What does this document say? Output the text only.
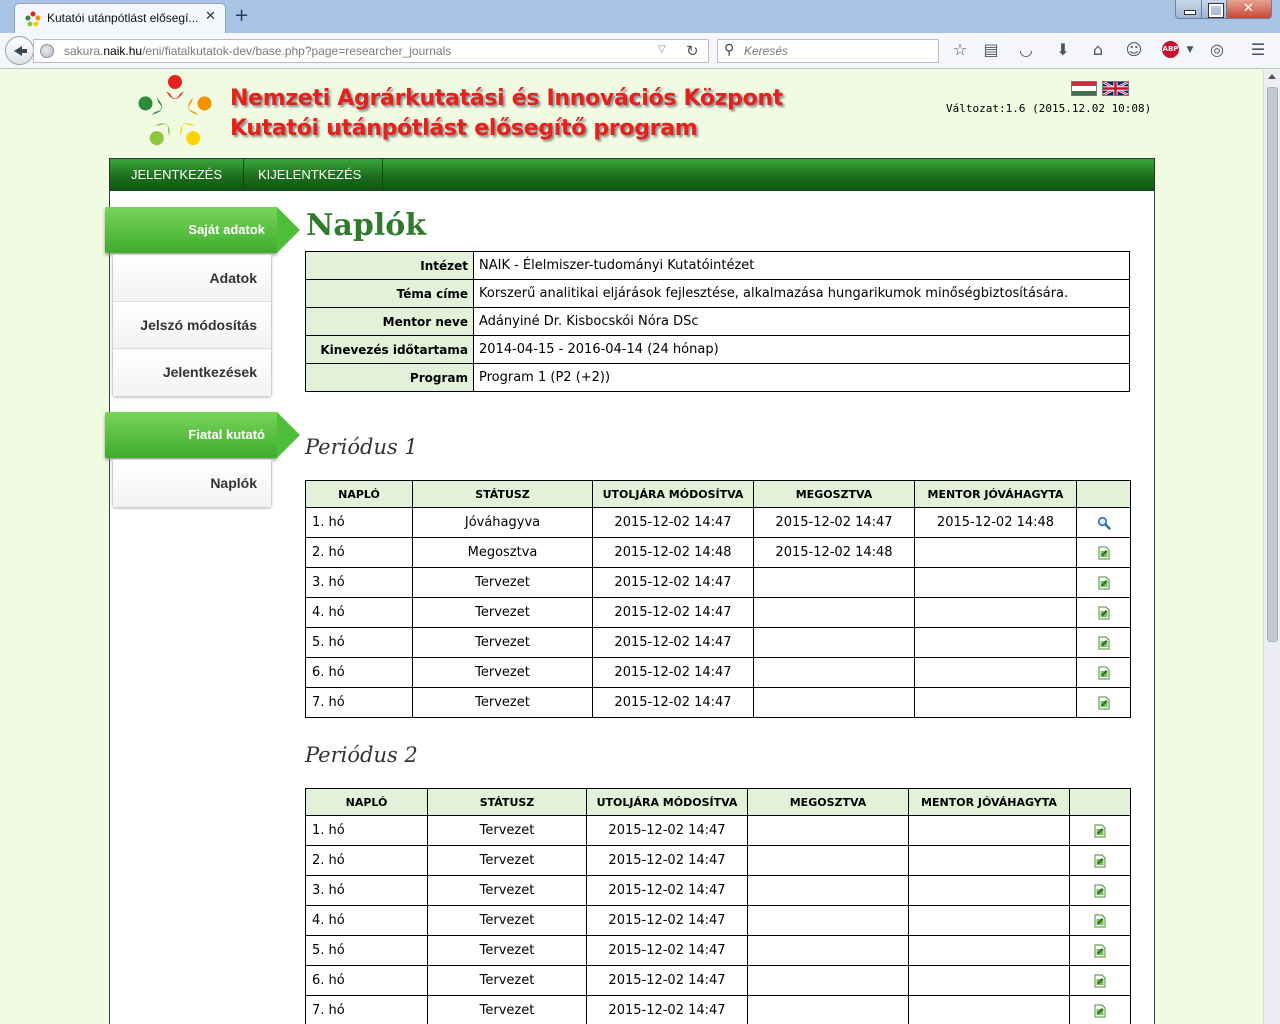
Kutatói utánpótlást elősegí... ✕ +
✕
sakura.naik.hu/eni/fiatalkutatok-dev/base.php?page=researcher_journals	▽ ↻ ⚲ Keresés	☆ ▤ ◡ ⬇	⌂	☺	▼	◎ ☰
ABP
Nemzeti Agrárkutatási és Innovációs Központ
Kutatói utánpótlást elősegítő program
Változat:1.6 (2015.12.02 10:08)
JELENTKEZÉS	KIJELENTKEZÉS
Saját adatok
Adatok
Jelszó módosítás
Jelentkezések
Fiatal kutató
Naplók
Naplók
Intézet	NAIK - Élelmiszer-tudományi Kutatóintézet
Téma címe	Korszerű analitikai eljárások fejlesztése, alkalmazása hungarikumok minőségbiztosítására.
Mentor neve	Adányiné Dr. Kisbocskói Nóra DSc
Kinevezés időtartama	2014-04-15 - 2016-04-14 (24 hónap)
Program	Program 1 (P2 (+2))
Periódus 1
NAPLÓ	STÁTUSZ	UTOLJÁRA MÓDOSÍTVA	MEGOSZTVA	MENTOR JÓVÁHAGYTA	
1. hó	Jóváhagyva	2015-12-02 14:47	2015-12-02 14:47	2015-12-02 14:48	
2. hó	Megosztva	2015-12-02 14:48	2015-12-02 14:48		
3. hó	Tervezet	2015-12-02 14:47			
4. hó	Tervezet	2015-12-02 14:47			
5. hó	Tervezet	2015-12-02 14:47			
6. hó	Tervezet	2015-12-02 14:47			
7. hó	Tervezet	2015-12-02 14:47			
Periódus 2
NAPLÓ	STÁTUSZ	UTOLJÁRA MÓDOSÍTVA	MEGOSZTVA	MENTOR JÓVÁHAGYTA	
1. hó	Tervezet	2015-12-02 14:47			
2. hó	Tervezet	2015-12-02 14:47			
3. hó	Tervezet	2015-12-02 14:47			
4. hó	Tervezet	2015-12-02 14:47			
5. hó	Tervezet	2015-12-02 14:47			
6. hó	Tervezet	2015-12-02 14:47			
7. hó	Tervezet	2015-12-02 14:47			
